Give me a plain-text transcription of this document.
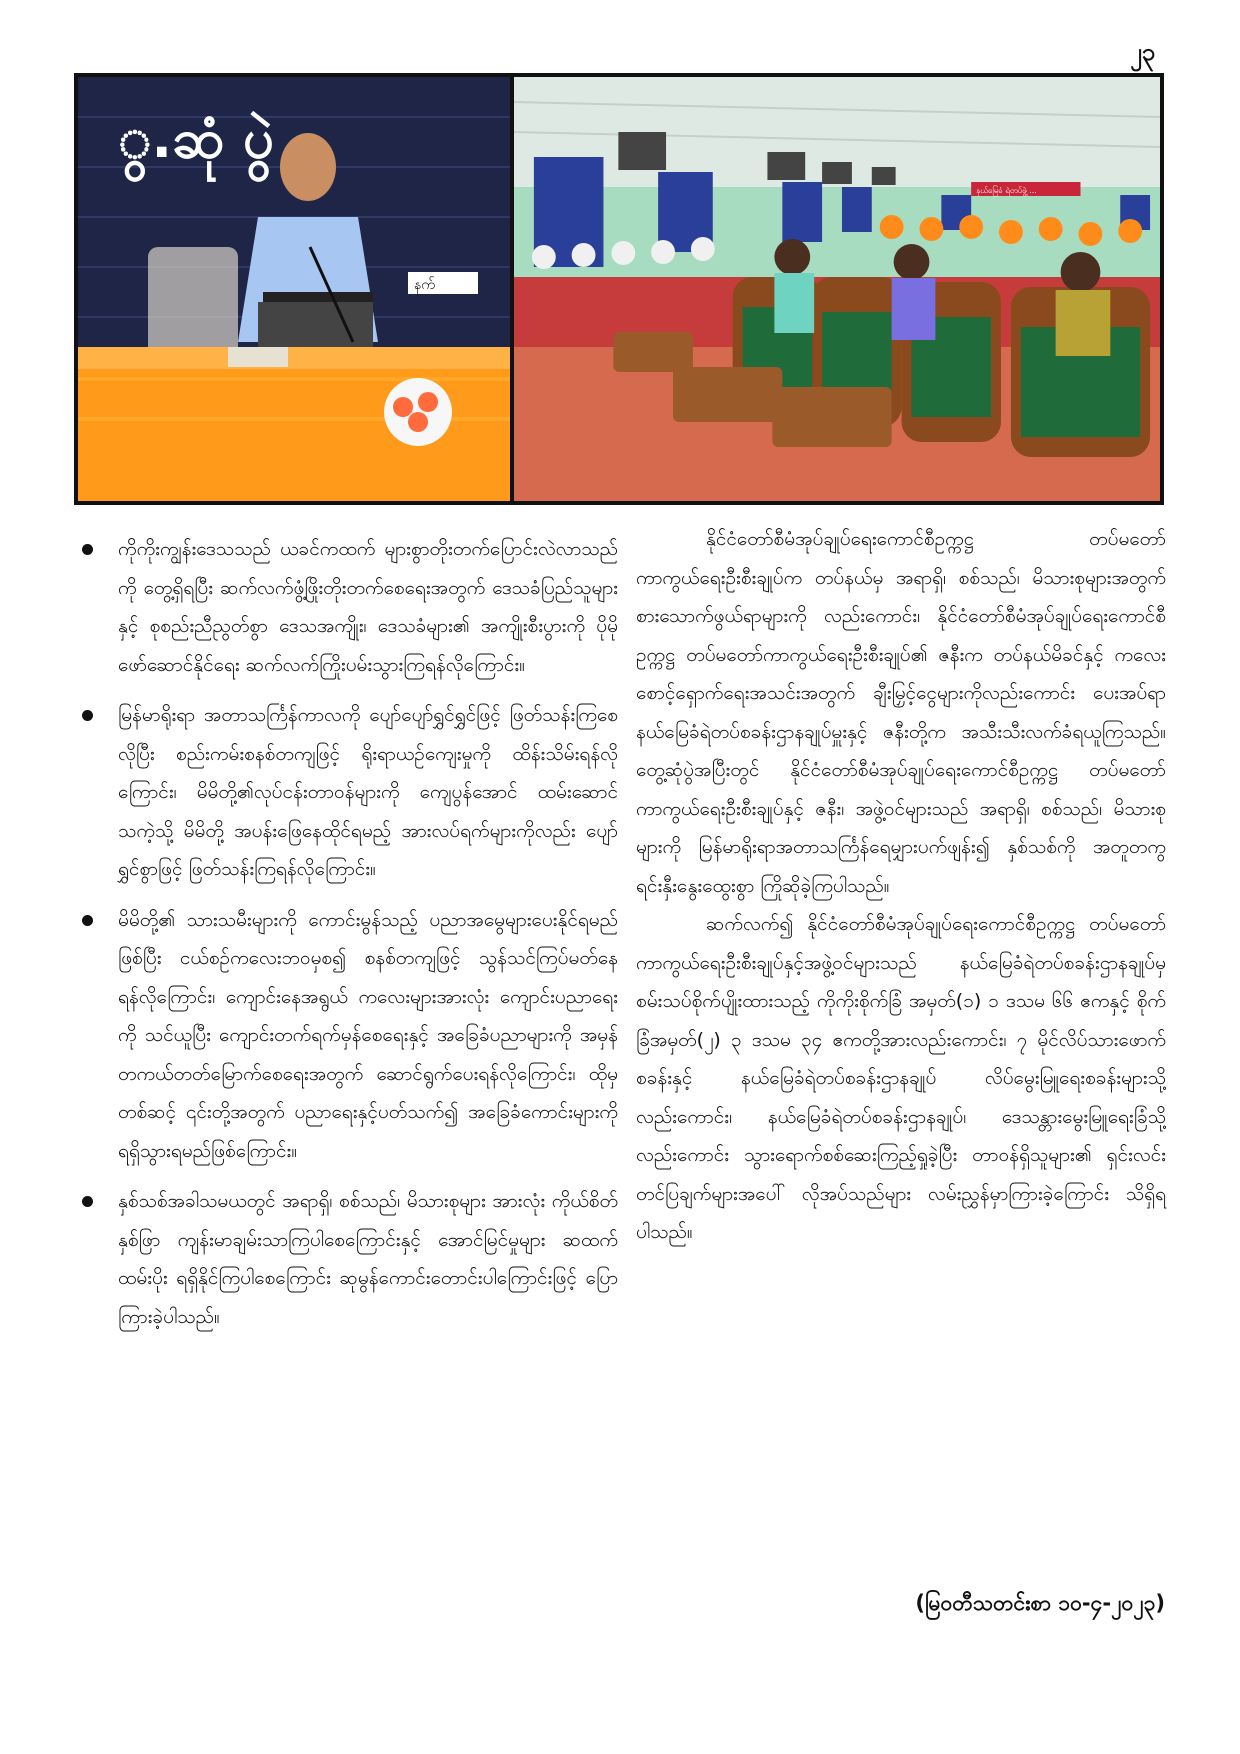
၂၃
ွ.ဆုံ ပွဲ
နက်
နယ်မြေခံ ရဲတပ်ဖွဲ့ ...
ကိုကိုးကျွန်းဒေသသည် ယခင်ကထက် များစွာတိုးတက်ပြောင်းလဲလာသည်ကို တွေ့ရှိရပြီး ဆက်လက်ဖွံ့ဖြိုးတိုးတက်စေရေးအတွက် ဒေသခံပြည်သူများနှင့် စုစည်းညီညွတ်စွာ ဒေသအကျိုး၊ ဒေသခံများ၏ အကျိုးစီးပွားကို ပိုမိုဖော်ဆောင်နိုင်ရေး ဆက်လက်ကြိုးပမ်းသွားကြရန်လိုကြောင်း။
မြန်မာရိုးရာ အတာသင်္ကြန်ကာလကို ပျော်ပျော်ရွှင်ရွှင်ဖြင့် ဖြတ်သန်းကြစေလိုပြီး စည်းကမ်းစနစ်တကျဖြင့် ရိုးရာယဉ်ကျေးမှုကို ထိန်းသိမ်းရန်လိုကြောင်း၊ မိမိတို့၏လုပ်ငန်းတာဝန်များကို ကျေပွန်အောင် ထမ်းဆောင်သကဲ့သို့ မိမိတို့ အပန်းဖြေနေထိုင်ရမည့် အားလပ်ရက်များကိုလည်း ပျော်ရွှင်စွာဖြင့် ဖြတ်သန်းကြရန်လိုကြောင်း။
မိမိတို့၏ သားသမီးများကို ကောင်းမွန်သည့် ပညာအမွေများပေးနိုင်ရမည်ဖြစ်ပြီး ငယ်စဉ်ကလေးဘဝမှစ၍ စနစ်တကျဖြင့် သွန်သင်ကြပ်မတ်နေရန်လိုကြောင်း၊ ကျောင်းနေအရွယ် ကလေးများအားလုံး ကျောင်းပညာရေးကို သင်ယူပြီး ကျောင်းတက်ရက်မှန်စေရေးနှင့် အခြေခံပညာများကို အမှန်တကယ်တတ်မြောက်စေရေးအတွက် ဆောင်ရွက်ပေးရန်လိုကြောင်း၊ ထိုမှတစ်ဆင့် ၎င်းတို့အတွက် ပညာရေးနှင့်ပတ်သက်၍ အခြေခံကောင်းများကို ရရှိသွားရမည်ဖြစ်ကြောင်း။
နှစ်သစ်အခါသမယတွင် အရာရှိ၊ စစ်သည်၊ မိသားစုများ အားလုံး ကိုယ်စိတ်နှစ်ဖြာ ကျန်းမာချမ်းသာကြပါစေကြောင်းနှင့် အောင်မြင်မှုများ ဆထက်ထမ်းပိုး ရရှိနိုင်ကြပါစေကြောင်း ဆုမွန်ကောင်းတောင်းပါကြောင်းဖြင့် ပြောကြားခဲ့ပါသည်။

နိုင်ငံတော်စီမံအုပ်ချုပ်ရေးကောင်စီဥက္ကဋ္ဌ တပ်မတော်ကာကွယ်ရေးဦးစီးချုပ်က တပ်နယ်မှ အရာရှိ၊ စစ်သည်၊ မိသားစုများအတွက် စားသောက်ဖွယ်ရာများကို လည်းကောင်း၊ နိုင်ငံတော်စီမံအုပ်ချုပ်ရေးကောင်စီဥက္ကဋ္ဌ တပ်မတော်ကာကွယ်ရေးဦးစီးချုပ်၏ ဇနီးက တပ်နယ်မိခင်နှင့် ကလေးစောင့်ရှောက်ရေးအသင်းအတွက် ချီးမြှင့်ငွေများကိုလည်းကောင်း ပေးအပ်ရာ နယ်မြေခံရဲတပ်စခန်းဌာနချုပ်မှူးနှင့် ဇနီးတို့က အသီးသီးလက်ခံရယူကြသည်။ တွေ့ဆုံပွဲအပြီးတွင် နိုင်ငံတော်စီမံအုပ်ချုပ်ရေးကောင်စီဥက္ကဋ္ဌ တပ်မတော်ကာကွယ်ရေးဦးစီးချုပ်နှင့် ဇနီး၊ အဖွဲ့ဝင်များသည် အရာရှိ၊ စစ်သည်၊ မိသားစုများကို မြန်မာရိုးရာအတာသင်္ကြန်ရေမျှားပက်ဖျန်း၍ နှစ်သစ်ကို အတူတကွ ရင်းနှီးနွေးထွေးစွာ ကြိုဆိုခဲ့ကြပါသည်။

ဆက်လက်၍ နိုင်ငံတော်စီမံအုပ်ချုပ်ရေးကောင်စီဥက္ကဋ္ဌ တပ်မတော်ကာကွယ်ရေးဦးစီးချုပ်နှင့်အဖွဲ့ဝင်များသည် နယ်မြေခံရဲတပ်စခန်းဌာနချုပ်မှ စမ်းသပ်စိုက်ပျိုးထားသည့် ကိုကိုးစိုက်ခြံ အမှတ်(၁) ၁ ဒသမ ၆၆ ဧကနှင့် စိုက်ခြံအမှတ်(၂) ၃ ဒသမ ၃၄ ဧကတို့အားလည်းကောင်း၊ ၇ မိုင်လိပ်သားဖောက်စခန်းနှင့် နယ်မြေခံရဲတပ်စခန်းဌာနချုပ် လိပ်မွေးမြူရေးစခန်းများသို့လည်းကောင်း၊ နယ်မြေခံရဲတပ်စခန်းဌာနချုပ်၊ ဒေသန္တားမွေးမြူရေးခြံသို့လည်းကောင်း သွားရောက်စစ်ဆေးကြည့်ရှုခဲ့ပြီး တာဝန်ရှိသူများ၏ ရှင်းလင်းတင်ပြချက်များအပေါ် လိုအပ်သည်များ လမ်းညွှန်မှာကြားခဲ့ကြောင်း သိရှိရပါသည်။

(မြဝတီသတင်းစာ ၁၀-၄-၂၀၂၃)
